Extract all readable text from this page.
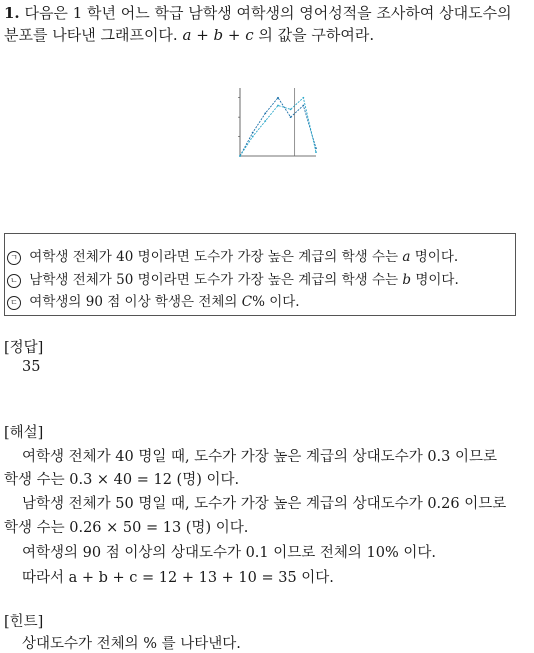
1. 다음은 1 학년 어느 학급 남학생 여학생의 영어성적을 조사하여 상대도수의
분포를 나타낸 그래프이다. a + b + c 의 값을 구하여라.
ㄱ 여학생 전체가 40 명이라면 도수가 가장 높은 계급의 학생 수는 a 명이다.
ㄴ 남학생 전체가 50 명이라면 도수가 가장 높은 계급의 학생 수는 b 명이다.
ㄷ 여학생의 90 점 이상 학생은 전체의 C% 이다.
[정답]
35
[해설]
여학생 전체가 40 명일 때, 도수가 가장 높은 계급의 상대도수가 0.3 이므로
학생 수는 0.3 × 40 = 12 (명) 이다.
남학생 전체가 50 명일 때, 도수가 가장 높은 계급의 상대도수가 0.26 이므로
학생 수는 0.26 × 50 = 13 (명) 이다.
여학생의 90 점 이상의 상대도수가 0.1 이므로 전체의 10% 이다.
따라서 a + b + c = 12 + 13 + 10 = 35 이다.
[힌트]
상대도수가 전체의 % 를 나타낸다.
